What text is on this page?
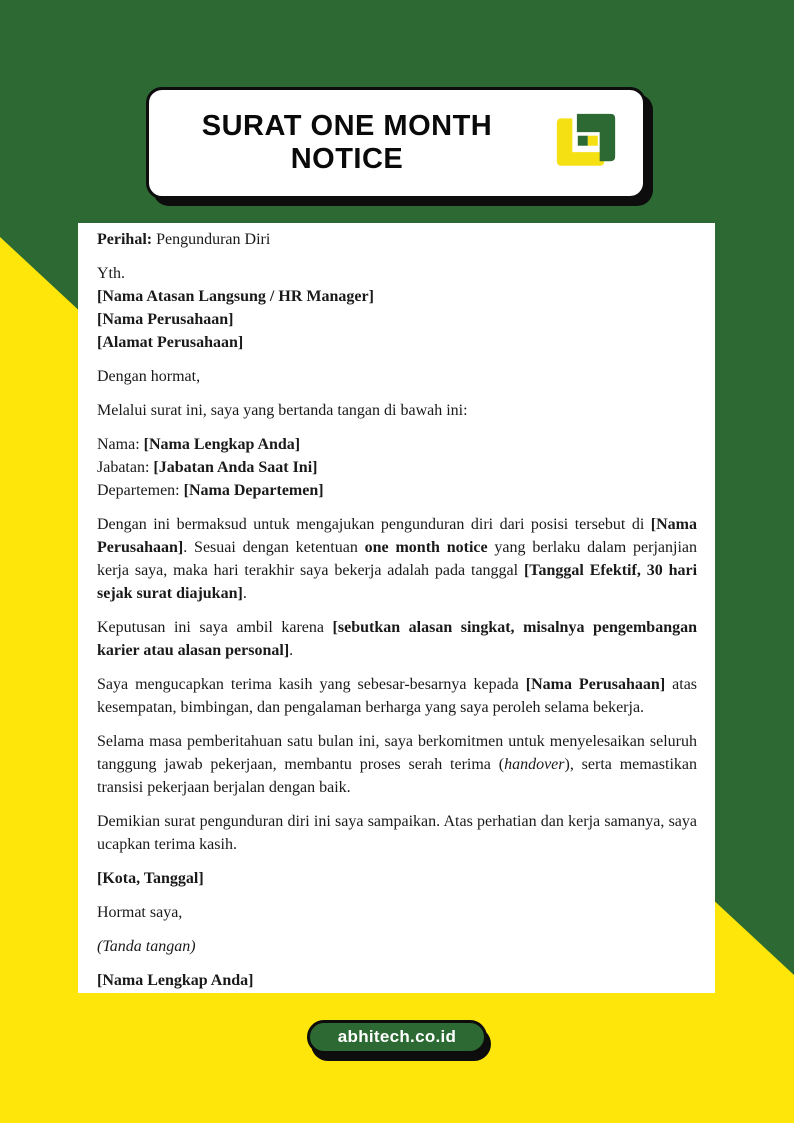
SURAT ONE MONTH NOTICE

Perihal: Pengunduran Diri

Yth.
[Nama Atasan Langsung / HR Manager]
[Nama Perusahaan]
[Alamat Perusahaan]

Dengan hormat,

Melalui surat ini, saya yang bertanda tangan di bawah ini:

Nama: [Nama Lengkap Anda]
Jabatan: [Jabatan Anda Saat Ini]
Departemen: [Nama Departemen]

Dengan ini bermaksud untuk mengajukan pengunduran diri dari posisi tersebut di [Nama Perusahaan]. Sesuai dengan ketentuan one month notice yang berlaku dalam perjanjian kerja saya, maka hari terakhir saya bekerja adalah pada tanggal [Tanggal Efektif, 30 hari sejak surat diajukan].

Keputusan ini saya ambil karena [sebutkan alasan singkat, misalnya pengembangan karier atau alasan personal].

Saya mengucapkan terima kasih yang sebesar-besarnya kepada [Nama Perusahaan] atas kesempatan, bimbingan, dan pengalaman berharga yang saya peroleh selama bekerja.

Selama masa pemberitahuan satu bulan ini, saya berkomitmen untuk menyelesaikan seluruh tanggung jawab pekerjaan, membantu proses serah terima (handover), serta memastikan transisi pekerjaan berjalan dengan baik.

Demikian surat pengunduran diri ini saya sampaikan. Atas perhatian dan kerja samanya, saya ucapkan terima kasih.

[Kota, Tanggal]

Hormat saya,

(Tanda tangan)

[Nama Lengkap Anda]

abhitech.co.id
